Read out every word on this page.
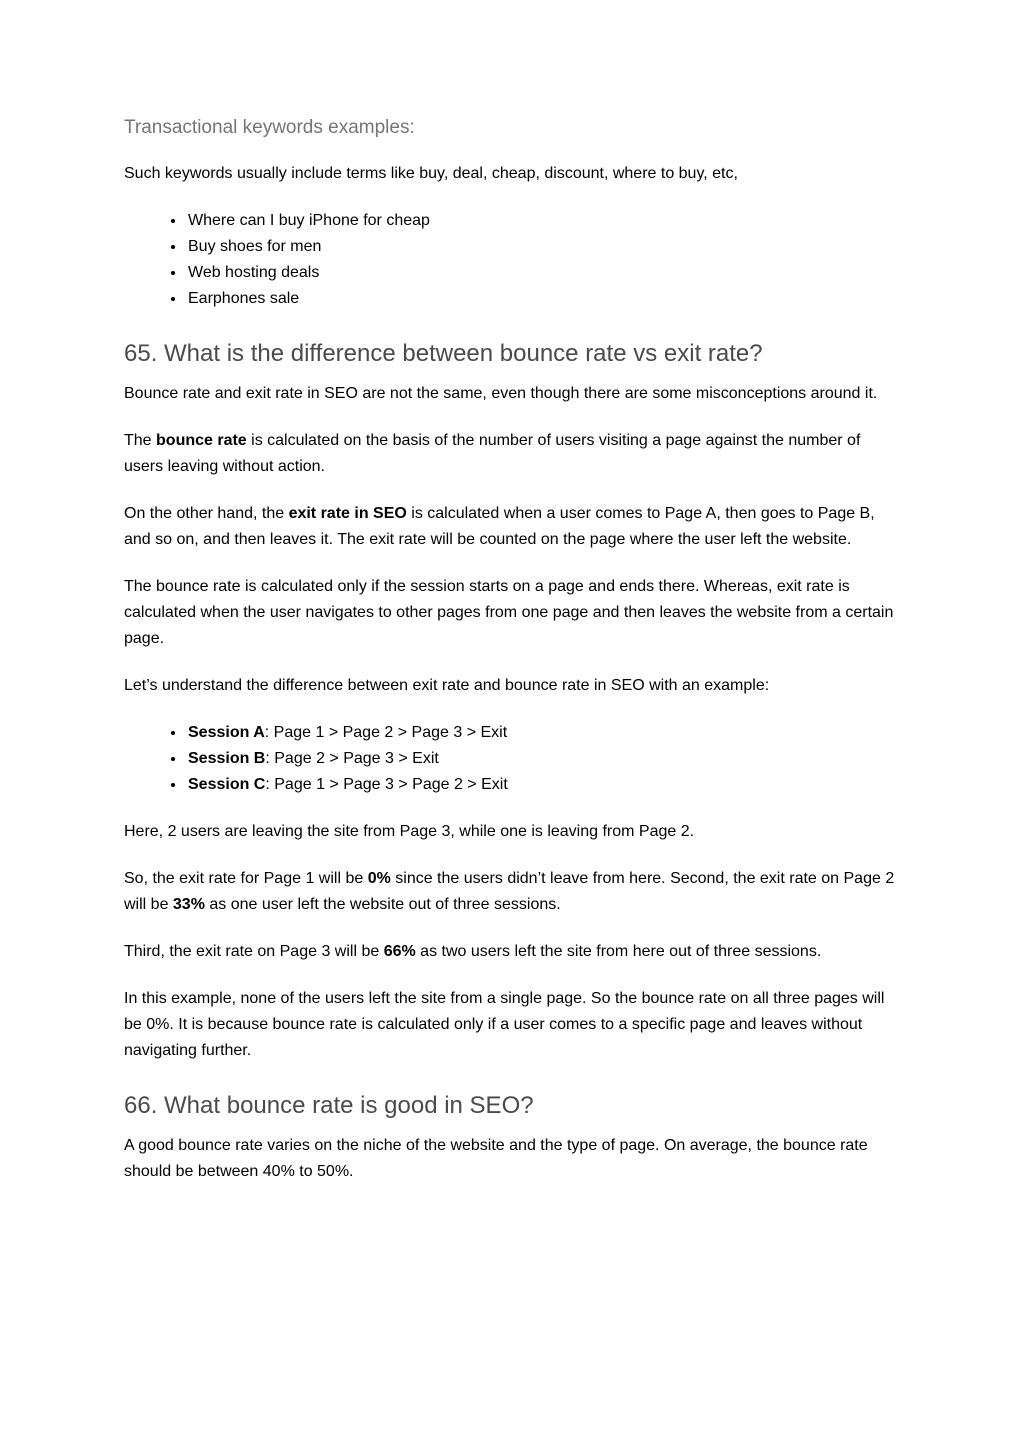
Transactional keywords examples:

Such keywords usually include terms like buy, deal, cheap, discount, where to buy, etc,

• Where can I buy iPhone for cheap
• Buy shoes for men
• Web hosting deals
• Earphones sale
65. What is the difference between bounce rate vs exit rate?

Bounce rate and exit rate in SEO are not the same, even though there are some misconceptions around it.

The bounce rate is calculated on the basis of the number of users visiting a page against the number of users leaving without action.

On the other hand, the exit rate in SEO is calculated when a user comes to Page A, then goes to Page B, and so on, and then leaves it. The exit rate will be counted on the page where the user left the website.

The bounce rate is calculated only if the session starts on a page and ends there. Whereas, exit rate is calculated when the user navigates to other pages from one page and then leaves the website from a certain page.

Let’s understand the difference between exit rate and bounce rate in SEO with an example:

• Session A: Page 1 > Page 2 > Page 3 > Exit
• Session B: Page 2 > Page 3 > Exit
• Session C: Page 1 > Page 3 > Page 2 > Exit

Here, 2 users are leaving the site from Page 3, while one is leaving from Page 2.

So, the exit rate for Page 1 will be 0% since the users didn’t leave from here. Second, the exit rate on Page 2 will be 33% as one user left the website out of three sessions.

Third, the exit rate on Page 3 will be 66% as two users left the site from here out of three sessions.

In this example, none of the users left the site from a single page. So the bounce rate on all three pages will be 0%. It is because bounce rate is calculated only if a user comes to a specific page and leaves without navigating further.

66. What bounce rate is good in SEO?

A good bounce rate varies on the niche of the website and the type of page. On average, the bounce rate should be between 40% to 50%.
